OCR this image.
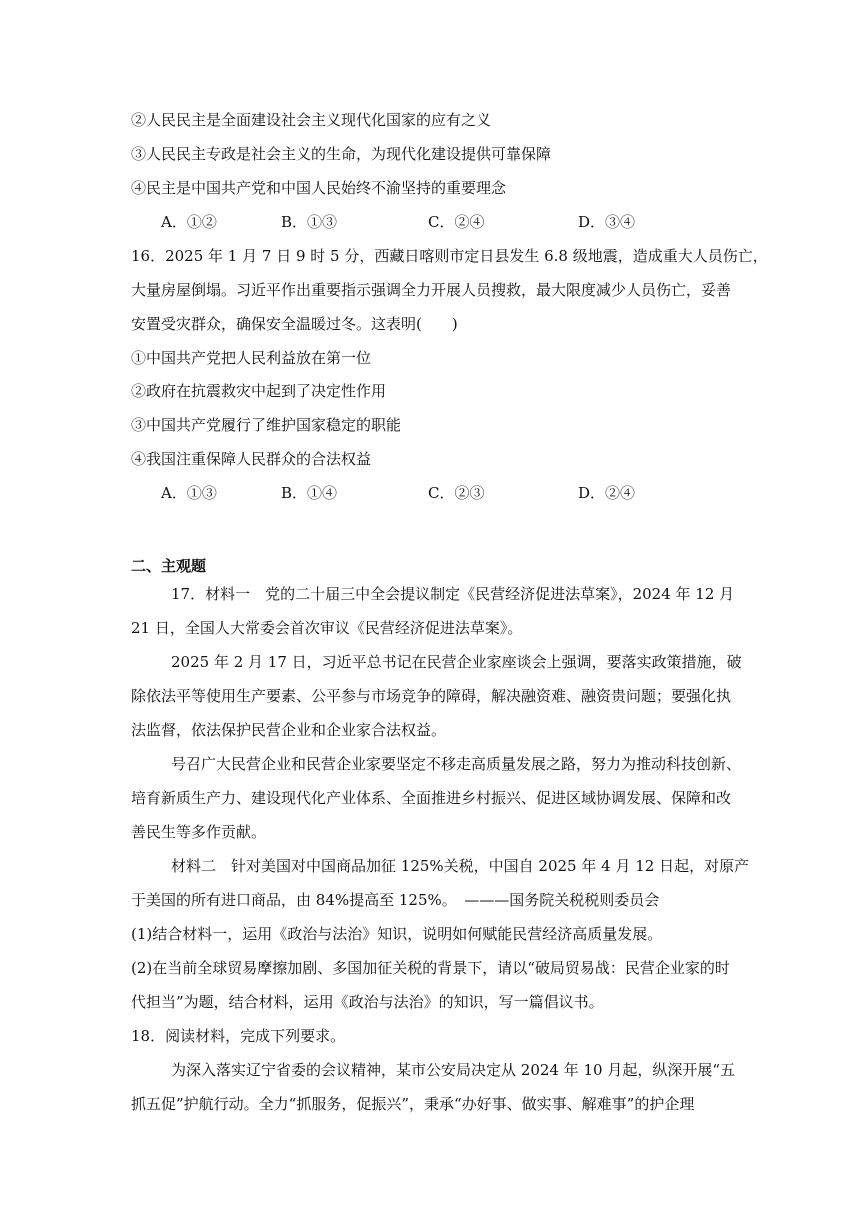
②人民民主是全面建设社会主义现代化国家的应有之义
③人民民主专政是社会主义的生命，为现代化建设提供可靠保障
④民主是中国共产党和中国人民始终不渝坚持的重要理念
A．①②	B．①③	C．②④	D．③④
16．2025 年 1 月 7 日 9 时 5 分，西藏日喀则市定日县发生 6.8 级地震，造成重大人员伤亡，
大量房屋倒塌。习近平作出重要指示强调全力开展人员搜救，最大限度减少人员伤亡，妥善
安置受灾群众，确保安全温暖过冬。这表明(　　)
①中国共产党把人民利益放在第一位
②政府在抗震救灾中起到了决定性作用
③中国共产党履行了维护国家稳定的职能
④我国注重保障人民群众的合法权益
A．①③	B．①④	C．②③	D．②④
二、主观题
17．材料一　党的二十届三中全会提议制定《民营经济促进法草案》，2024 年 12 月
21 日，全国人大常委会首次审议《民营经济促进法草案》。
2025 年 2 月 17 日，习近平总书记在民营企业家座谈会上强调，要落实政策措施，破
除依法平等使用生产要素、公平参与市场竞争的障碍，解决融资难、融资贵问题；要强化执
法监督，依法保护民营企业和企业家合法权益。
号召广大民营企业和民营企业家要坚定不移走高质量发展之路，努力为推动科技创新、
培育新质生产力、建设现代化产业体系、全面推进乡村振兴、促进区域协调发展、保障和改
善民生等多作贡献。
材料二　针对美国对中国商品加征 125%关税，中国自 2025 年 4 月 12 日起，对原产
于美国的所有进口商品，由 84%提高至 125%。　———国务院关税税则委员会
(1)结合材料一，运用《政治与法治》知识，说明如何赋能民营经济高质量发展。
(2)在当前全球贸易摩擦加剧、多国加征关税的背景下，请以“破局贸易战：民营企业家的时
代担当”为题，结合材料，运用《政治与法治》的知识，写一篇倡议书。
18．阅读材料，完成下列要求。
为深入落实辽宁省委的会议精神，某市公安局决定从 2024 年 10 月起，纵深开展“五
抓五促”护航行动。全力“抓服务，促振兴”，秉承“办好事、做实事、解难事”的护企理
